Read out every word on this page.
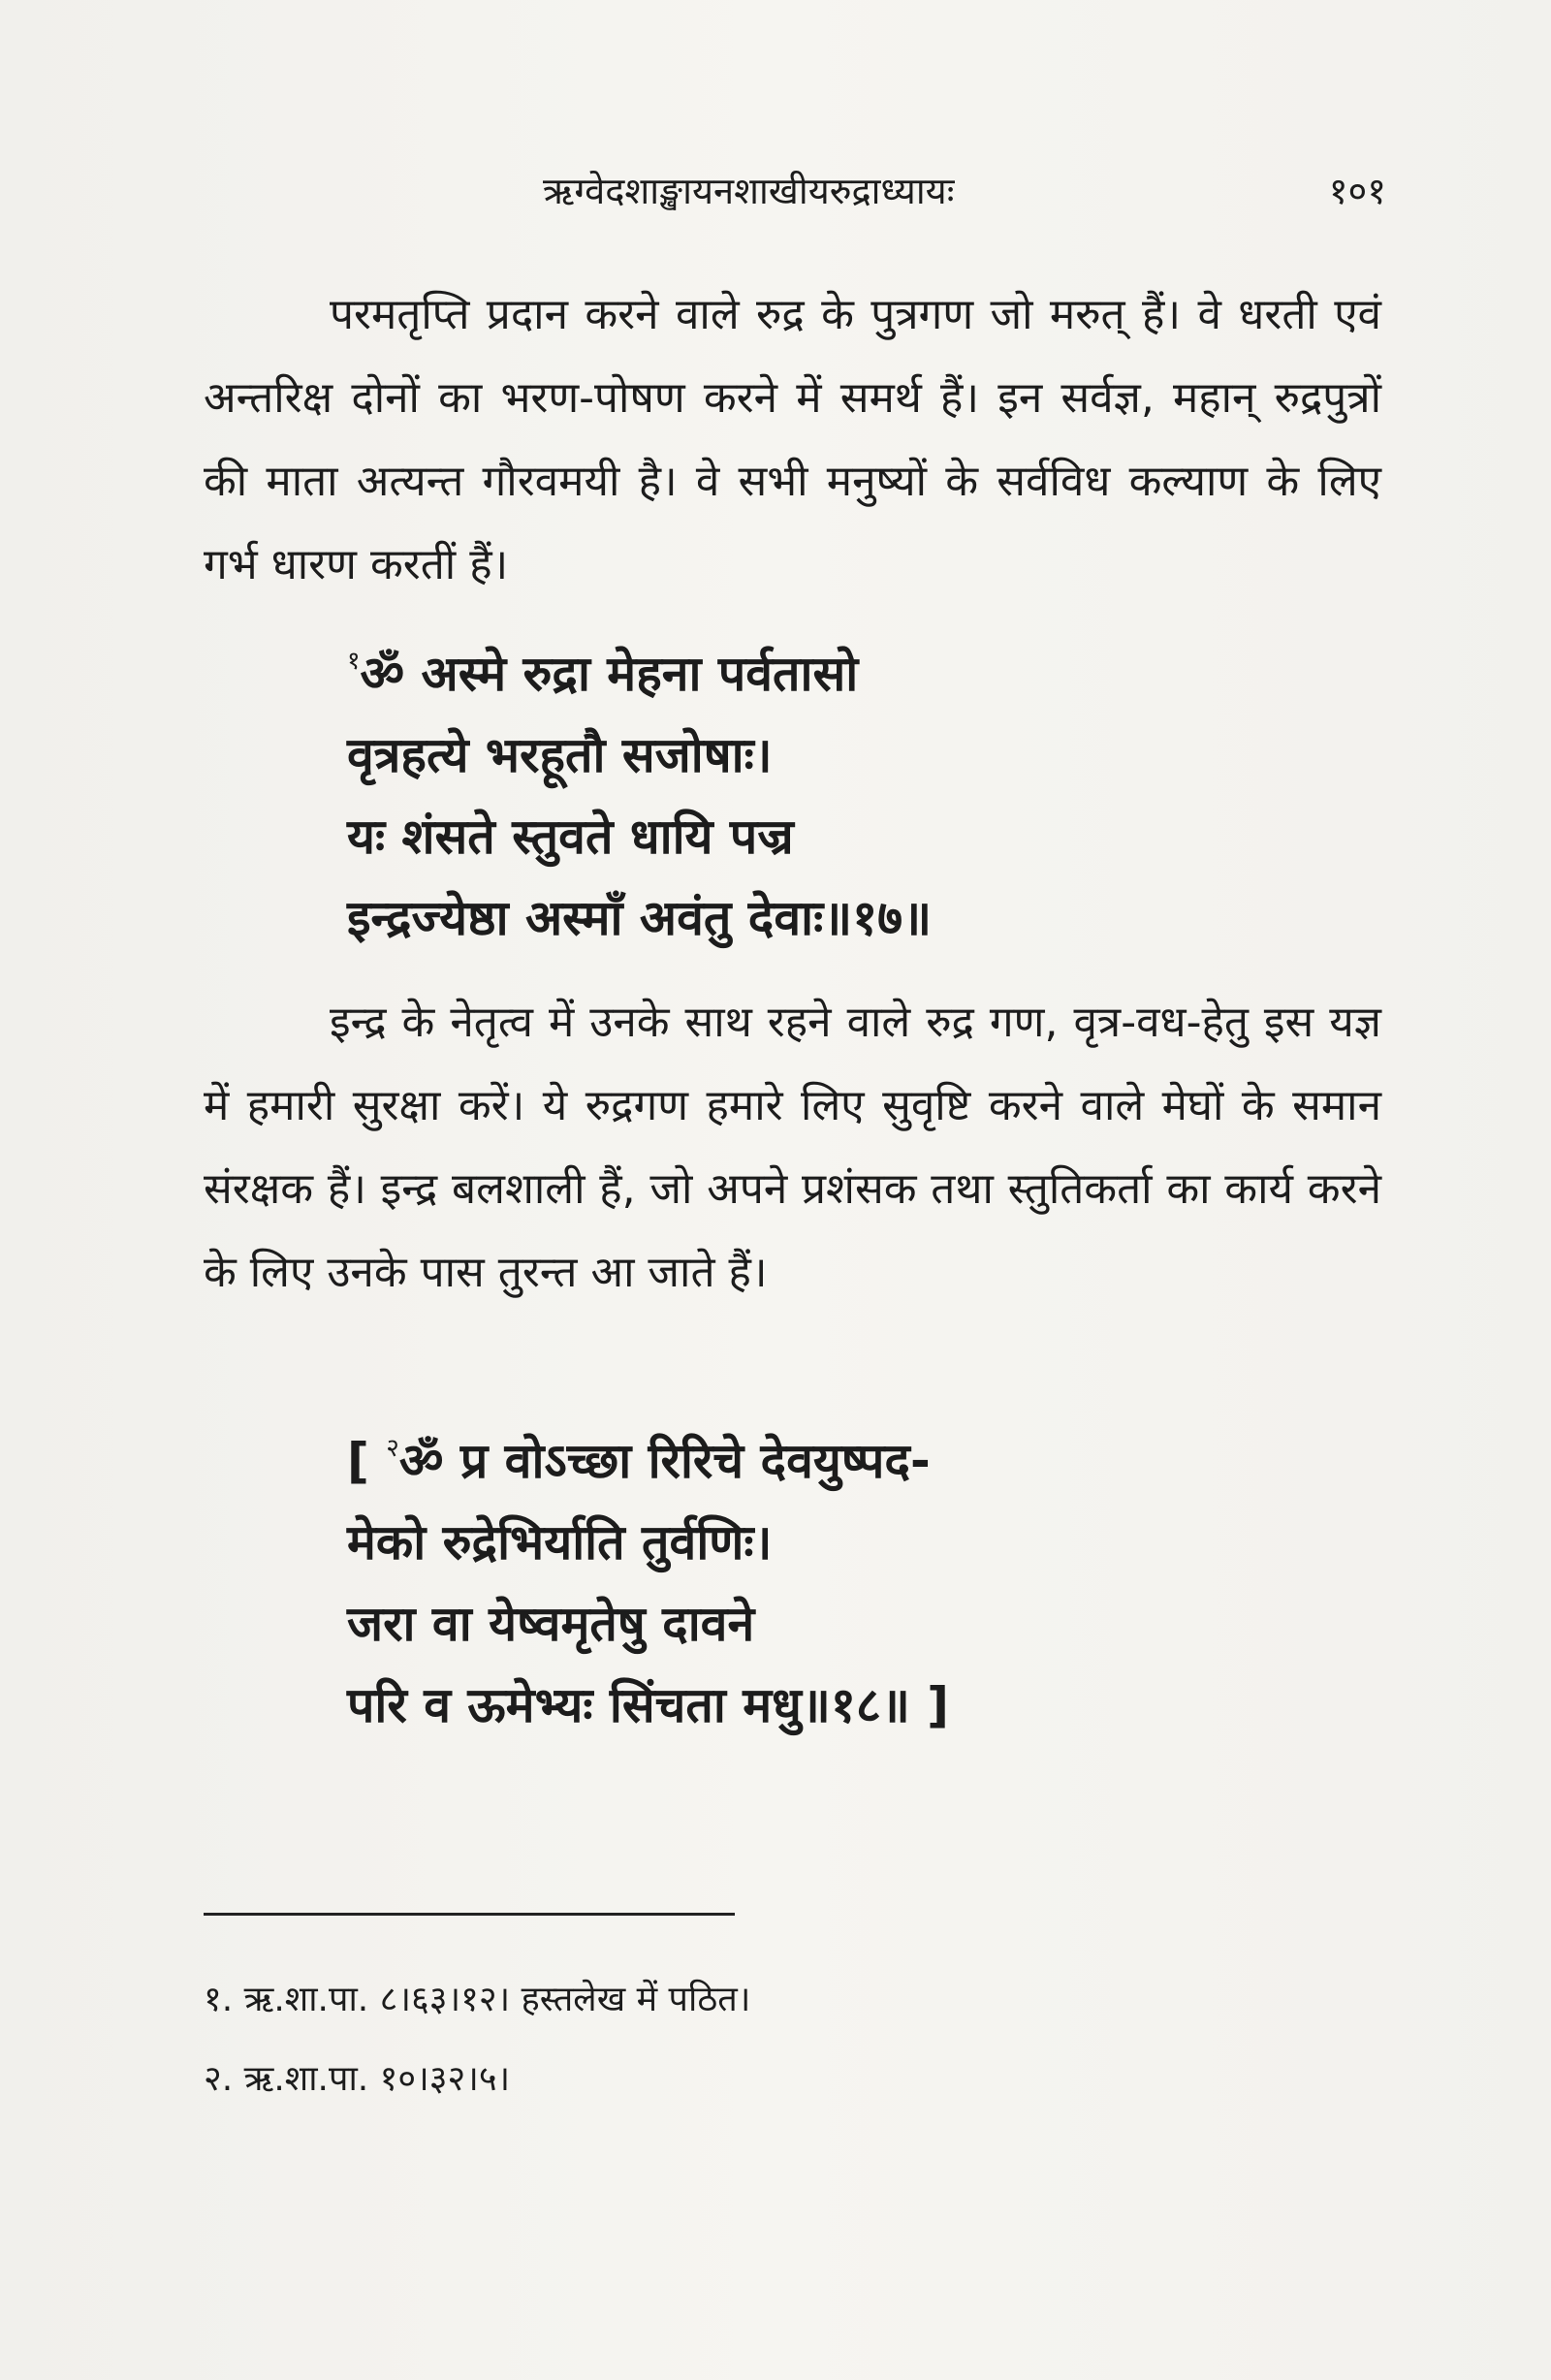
ऋग्वेदशाङ्खायनशाखीयरुद्राध्यायः	१०१
परमतृप्ति प्रदान करने वाले रुद्र के पुत्रगण जो मरुत् हैं। वे धरती एवं अन्तरिक्ष दोनों का भरण-पोषण करने में समर्थ हैं। इन सर्वज्ञ, महान् रुद्रपुत्रों की माता अत्यन्त गौरवमयी है। वे सभी मनुष्यों के सर्वविध कल्याण के लिए गर्भ धारण करतीं हैं।
$^१$ॐ अस्मे रुद्रा मेहना पर्वतासो
वृत्रहत्ये भरहूतौ सजोषाः।
यः शंसते स्तुवते धायि पज्र
इन्द्रज्येष्ठा अस्माँ अवंतु देवाः॥१७॥
इन्द्र के नेतृत्व में उनके साथ रहने वाले रुद्र गण, वृत्र-वध-हेतु इस यज्ञ में हमारी सुरक्षा करें। ये रुद्रगण हमारे लिए सुवृष्टि करने वाले मेघों के समान संरक्षक हैं। इन्द्र बलशाली हैं, जो अपने प्रशंसक तथा स्तुतिकर्ता का कार्य करने के लिए उनके पास तुरन्त आ जाते हैं।
[ $^२$ॐ प्र वोऽच्छा रिरिचे देवयुष्पद-
मेको रुद्रेभिर्याति तुर्वणिः।
जरा वा येष्वमृतेषु दावने
परि व ऊमेभ्यः सिंचता मधु॥१८॥ ]
१. ऋ.शा.पा. ८।६३।१२। हस्तलेख में पठित।
२. ऋ.शा.पा. १०।३२।५।
